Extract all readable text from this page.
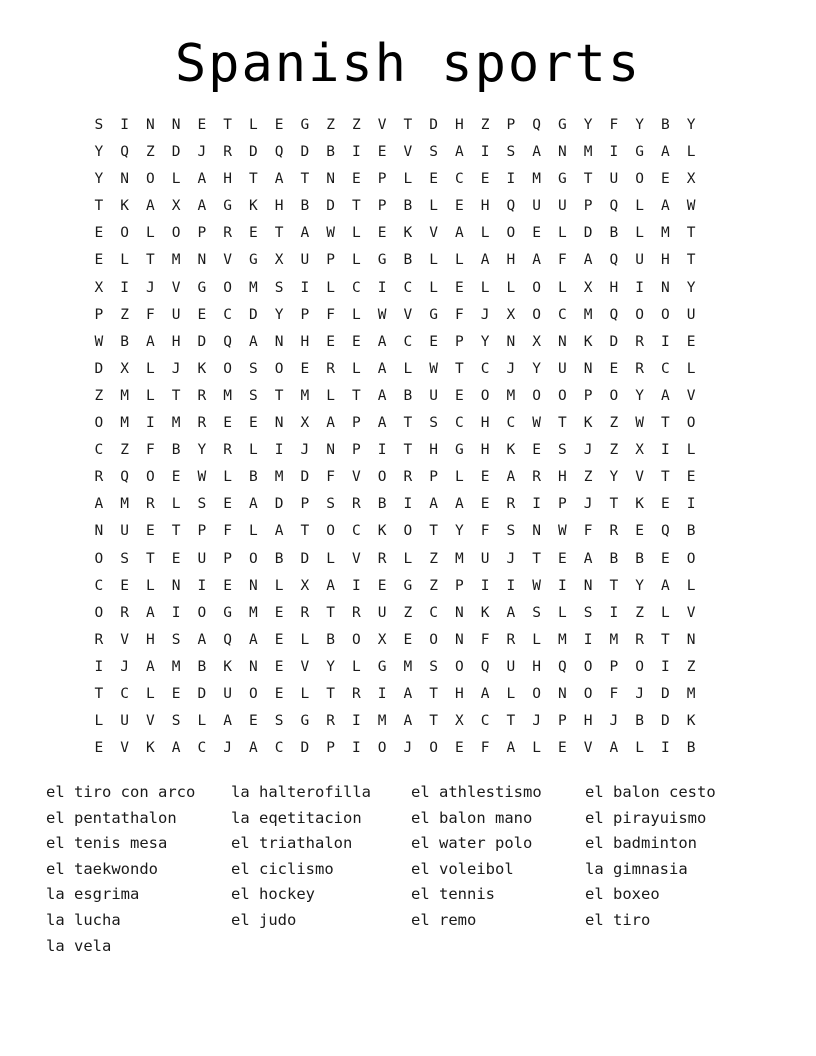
Spanish sports
S	I	N	N	E	T	L	E	G	Z	Z	V	T	D	H	Z	P	Q	G	Y	F	Y	B	Y
Y	Q	Z	D	J	R	D	Q	D	B	I	E	V	S	A	I	S	A	N	M	I	G	A	L
Y	N	O	L	A	H	T	A	T	N	E	P	L	E	C	E	I	M	G	T	U	O	E	X
T	K	A	X	A	G	K	H	B	D	T	P	B	L	E	H	Q	U	U	P	Q	L	A	W
E	O	L	O	P	R	E	T	A	W	L	E	K	V	A	L	O	E	L	D	B	L	M	T
E	L	T	M	N	V	G	X	U	P	L	G	B	L	L	A	H	A	F	A	Q	U	H	T
X	I	J	V	G	O	M	S	I	L	C	I	C	L	E	L	L	O	L	X	H	I	N	Y
P	Z	F	U	E	C	D	Y	P	F	L	W	V	G	F	J	X	O	C	M	Q	O	O	U
W	B	A	H	D	Q	A	N	H	E	E	A	C	E	P	Y	N	X	N	K	D	R	I	E
D	X	L	J	K	O	S	O	E	R	L	A	L	W	T	C	J	Y	U	N	E	R	C	L
Z	M	L	T	R	M	S	T	M	L	T	A	B	U	E	O	M	O	O	P	O	Y	A	V
O	M	I	M	R	E	E	N	X	A	P	A	T	S	C	H	C	W	T	K	Z	W	T	O
C	Z	F	B	Y	R	L	I	J	N	P	I	T	H	G	H	K	E	S	J	Z	X	I	L
R	Q	O	E	W	L	B	M	D	F	V	O	R	P	L	E	A	R	H	Z	Y	V	T	E
A	M	R	L	S	E	A	D	P	S	R	B	I	A	A	E	R	I	P	J	T	K	E	I
N	U	E	T	P	F	L	A	T	O	C	K	O	T	Y	F	S	N	W	F	R	E	Q	B
O	S	T	E	U	P	O	B	D	L	V	R	L	Z	M	U	J	T	E	A	B	B	E	O
C	E	L	N	I	E	N	L	X	A	I	E	G	Z	P	I	I	W	I	N	T	Y	A	L
O	R	A	I	O	G	M	E	R	T	R	U	Z	C	N	K	A	S	L	S	I	Z	L	V
R	V	H	S	A	Q	A	E	L	B	O	X	E	O	N	F	R	L	M	I	M	R	T	N
I	J	A	M	B	K	N	E	V	Y	L	G	M	S	O	Q	U	H	Q	O	P	O	I	Z
T	C	L	E	D	U	O	E	L	T	R	I	A	T	H	A	L	O	N	O	F	J	D	M
L	U	V	S	L	A	E	S	G	R	I	M	A	T	X	C	T	J	P	H	J	B	D	K
E	V	K	A	C	J	A	C	D	P	I	O	J	O	E	F	A	L	E	V	A	L	I	B
el tiro con arco
el pentathalon
el tenis mesa
el taekwondo
la esgrima
la lucha
la vela
la halterofilla
la eqetitacion
el triathalon
el ciclismo
el hockey
el judo
el athlestismo
el balon mano
el water polo
el voleibol
el tennis
el remo
el balon cesto
el pirayuismo
el badminton
la gimnasia
el boxeo
el tiro
